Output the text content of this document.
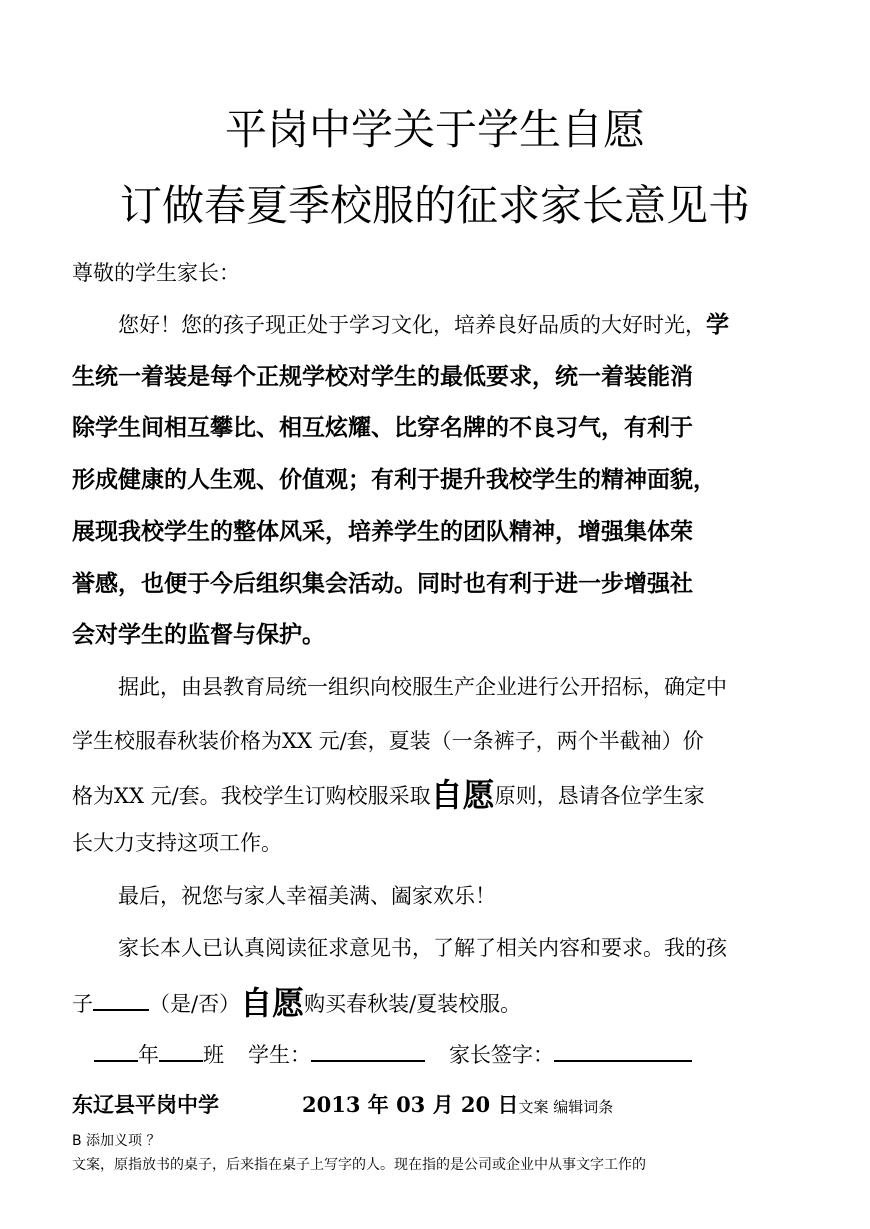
平岗中学关于学生自愿
订做春夏季校服的征求家长意见书
尊敬的学生家长：
您好！您的孩子现正处于学习文化，培养良好品质的大好时光，学
生统一着装是每个正规学校对学生的最低要求，统一着装能消
除学生间相互攀比、相互炫耀、比穿名牌的不良习气，有利于
形成健康的人生观、价值观；有利于提升我校学生的精神面貌，
展现我校学生的整体风采，培养学生的团队精神，增强集体荣
誉感，也便于今后组织集会活动。同时也有利于进一步增强社
会对学生的监督与保护。
据此，由县教育局统一组织向校服生产企业进行公开招标，确定中
学生校服春秋装价格为XX 元/套，夏装（一条裤子，两个半截袖）价
格为XX 元/套。我校学生订购校服采取自愿原则，恳请各位学生家
长大力支持这项工作。
最后，祝您与家人幸福美满、阖家欢乐！
家长本人已认真阅读征求意见书，了解了相关内容和要求。我的孩
子	（是/否）自愿购买春秋装/夏装校服。
年 班 学生：	家长签字：
东辽县平岗中学	2013 年 03 月 20 日文案 编辑词条
B 添加义项 ？
文案，原指放书的桌子，后来指在桌子上写字的人。现在指的是公司或企业中从事文字工作的
